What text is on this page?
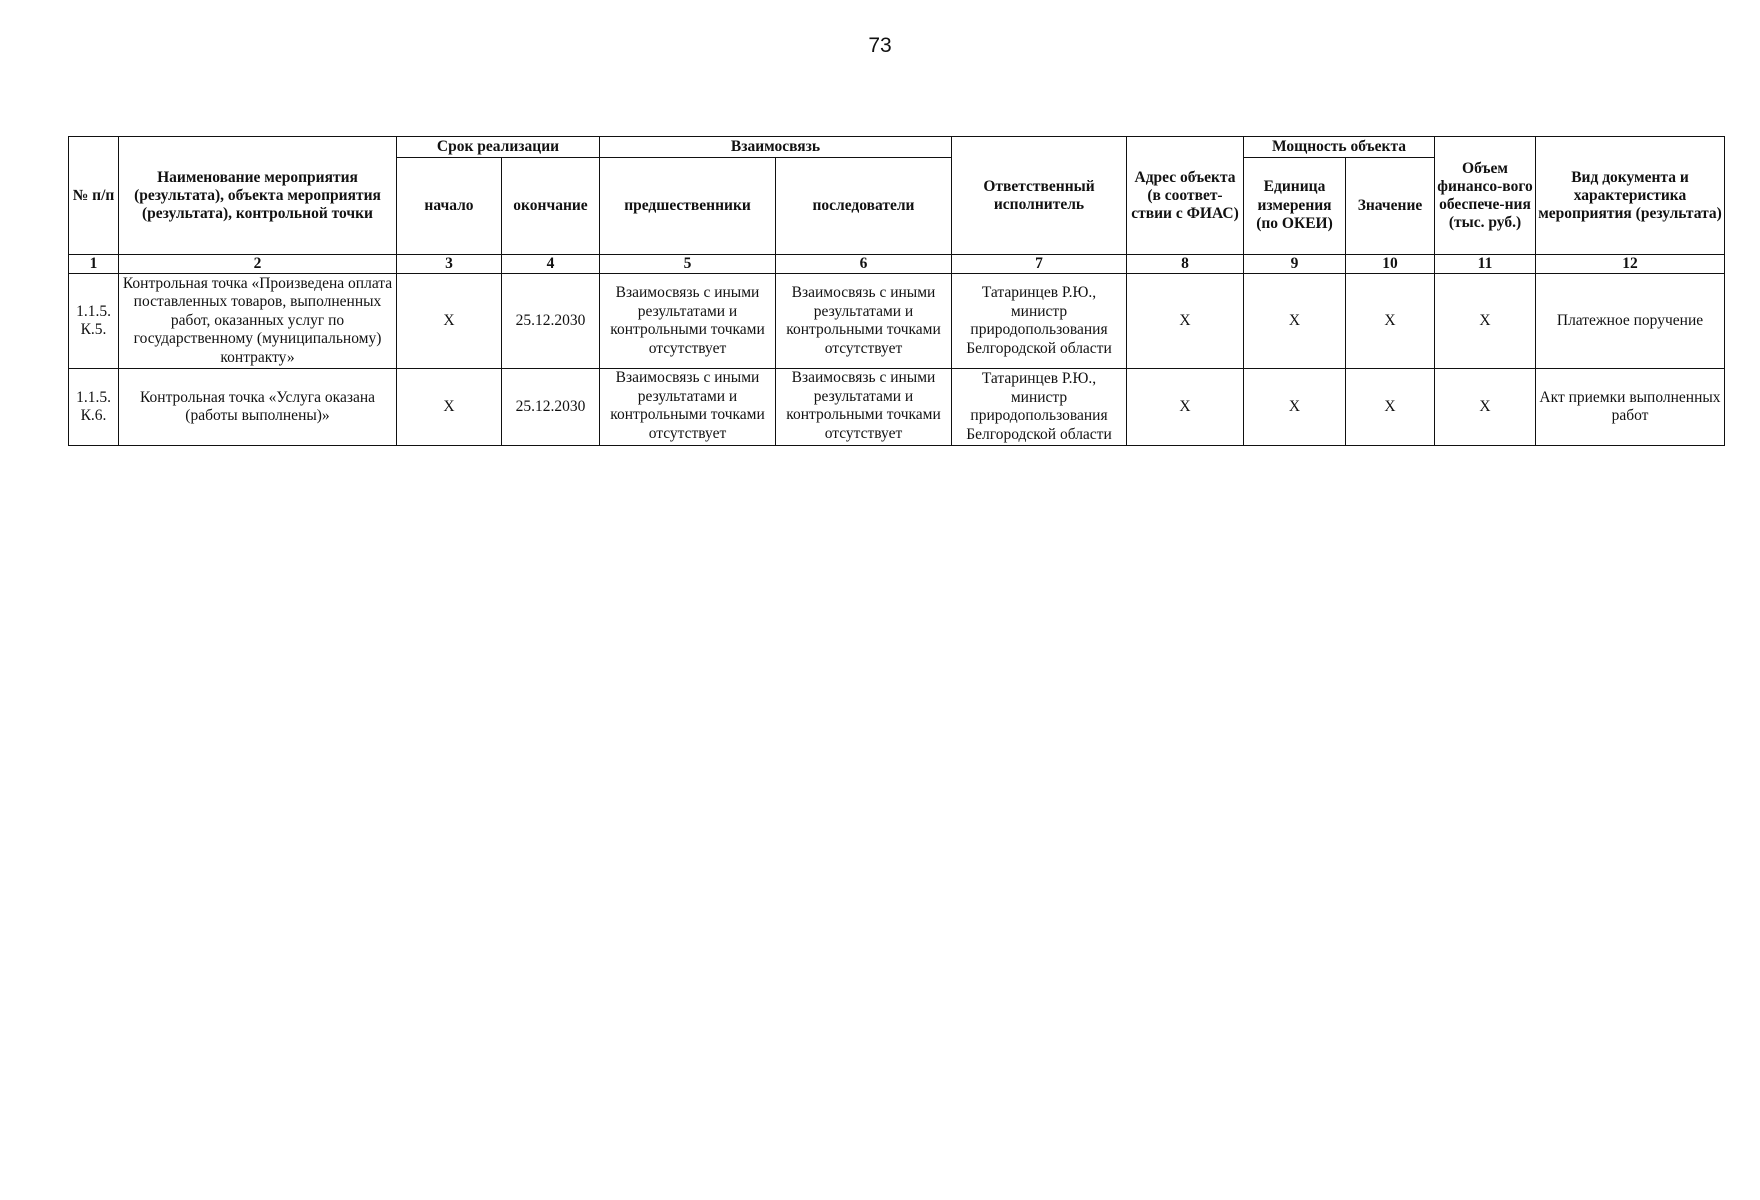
73
№ п/п	Наименование мероприятия (результата), объекта мероприятия (результата), контрольной точки	Срок реализации		Взаимосвязь		Ответственный исполнитель	Адрес объекта (в соответ-ствии с ФИАС)	Мощность объекта		Объем финансо-вого обеспече-ния (тыс. руб.)	Вид документа и характеристика мероприятия (результата)
		начало	окончание	предшественники	последователи			Единица измерения (по ОКЕИ)	Значение		
1	2	3	4	5	6	7	8	9	10	11	12
1.1.5. К.5.	Контрольная точка «Произведена оплата поставленных товаров, выполненных работ, оказанных услуг по государственному (муниципальному) контракту»	X	25.12.2030	Взаимосвязь с иными результатами и контрольными точками отсутствует	Взаимосвязь с иными результатами и контрольными точками отсутствует	Татаринцев Р.Ю., министр природопользования Белгородской области	X	X	X	X	Платежное поручение
1.1.5. К.6.	Контрольная точка «Услуга оказана (работы выполнены)»	X	25.12.2030	Взаимосвязь с иными результатами и контрольными точками отсутствует	Взаимосвязь с иными результатами и контрольными точками отсутствует	Татаринцев Р.Ю., министр природопользования Белгородской области	X	X	X	X	Акт приемки выполненных работ
